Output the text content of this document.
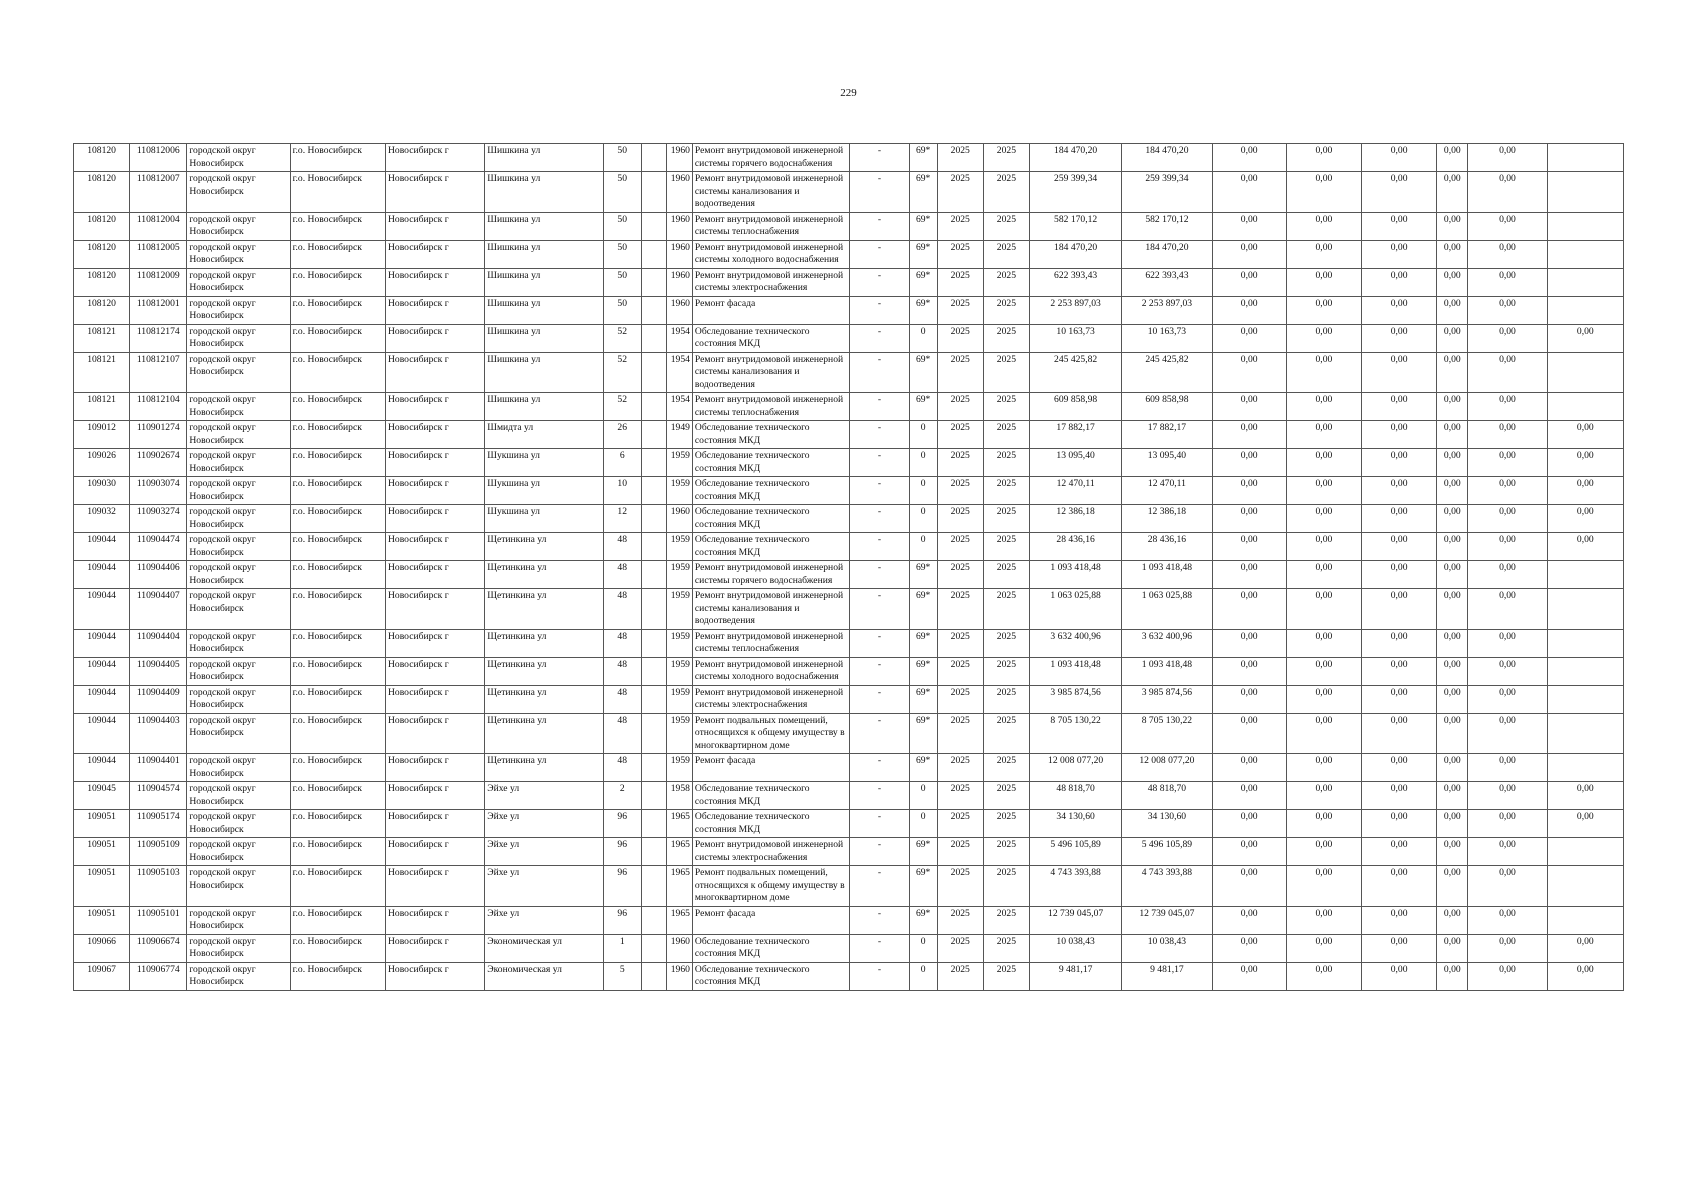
229
108120	110812006	городской округ Новосибирск	г.о. Новосибирск	Новосибирск г	Шишкина ул	50		1960	Ремонт внутридомовой инженерной системы горячего водоснабжения	-	69*	2025	2025	184 470,20	184 470,20	0,00	0,00	0,00	0,00	0,00	
108120	110812007	городской округ Новосибирск	г.о. Новосибирск	Новосибирск г	Шишкина ул	50		1960	Ремонт внутридомовой инженерной системы канализования и водоотведения	-	69*	2025	2025	259 399,34	259 399,34	0,00	0,00	0,00	0,00	0,00	
108120	110812004	городской округ Новосибирск	г.о. Новосибирск	Новосибирск г	Шишкина ул	50		1960	Ремонт внутридомовой инженерной системы теплоснабжения	-	69*	2025	2025	582 170,12	582 170,12	0,00	0,00	0,00	0,00	0,00	
108120	110812005	городской округ Новосибирск	г.о. Новосибирск	Новосибирск г	Шишкина ул	50		1960	Ремонт внутридомовой инженерной системы холодного водоснабжения	-	69*	2025	2025	184 470,20	184 470,20	0,00	0,00	0,00	0,00	0,00	
108120	110812009	городской округ Новосибирск	г.о. Новосибирск	Новосибирск г	Шишкина ул	50		1960	Ремонт внутридомовой инженерной системы электроснабжения	-	69*	2025	2025	622 393,43	622 393,43	0,00	0,00	0,00	0,00	0,00	
108120	110812001	городской округ Новосибирск	г.о. Новосибирск	Новосибирск г	Шишкина ул	50		1960	Ремонт фасада	-	69*	2025	2025	2 253 897,03	2 253 897,03	0,00	0,00	0,00	0,00	0,00	
108121	110812174	городской округ Новосибирск	г.о. Новосибирск	Новосибирск г	Шишкина ул	52		1954	Обследование технического состояния МКД	-	0	2025	2025	10 163,73	10 163,73	0,00	0,00	0,00	0,00	0,00	0,00
108121	110812107	городской округ Новосибирск	г.о. Новосибирск	Новосибирск г	Шишкина ул	52		1954	Ремонт внутридомовой инженерной системы канализования и водоотведения	-	69*	2025	2025	245 425,82	245 425,82	0,00	0,00	0,00	0,00	0,00	
108121	110812104	городской округ Новосибирск	г.о. Новосибирск	Новосибирск г	Шишкина ул	52		1954	Ремонт внутридомовой инженерной системы теплоснабжения	-	69*	2025	2025	609 858,98	609 858,98	0,00	0,00	0,00	0,00	0,00	
109012	110901274	городской округ Новосибирск	г.о. Новосибирск	Новосибирск г	Шмидта ул	26		1949	Обследование технического состояния МКД	-	0	2025	2025	17 882,17	17 882,17	0,00	0,00	0,00	0,00	0,00	0,00
109026	110902674	городской округ Новосибирск	г.о. Новосибирск	Новосибирск г	Шукшина ул	6		1959	Обследование технического состояния МКД	-	0	2025	2025	13 095,40	13 095,40	0,00	0,00	0,00	0,00	0,00	0,00
109030	110903074	городской округ Новосибирск	г.о. Новосибирск	Новосибирск г	Шукшина ул	10		1959	Обследование технического состояния МКД	-	0	2025	2025	12 470,11	12 470,11	0,00	0,00	0,00	0,00	0,00	0,00
109032	110903274	городской округ Новосибирск	г.о. Новосибирск	Новосибирск г	Шукшина ул	12		1960	Обследование технического состояния МКД	-	0	2025	2025	12 386,18	12 386,18	0,00	0,00	0,00	0,00	0,00	0,00
109044	110904474	городской округ Новосибирск	г.о. Новосибирск	Новосибирск г	Щетинкина ул	48		1959	Обследование технического состояния МКД	-	0	2025	2025	28 436,16	28 436,16	0,00	0,00	0,00	0,00	0,00	0,00
109044	110904406	городской округ Новосибирск	г.о. Новосибирск	Новосибирск г	Щетинкина ул	48		1959	Ремонт внутридомовой инженерной системы горячего водоснабжения	-	69*	2025	2025	1 093 418,48	1 093 418,48	0,00	0,00	0,00	0,00	0,00	
109044	110904407	городской округ Новосибирск	г.о. Новосибирск	Новосибирск г	Щетинкина ул	48		1959	Ремонт внутридомовой инженерной системы канализования и водоотведения	-	69*	2025	2025	1 063 025,88	1 063 025,88	0,00	0,00	0,00	0,00	0,00	
109044	110904404	городской округ Новосибирск	г.о. Новосибирск	Новосибирск г	Щетинкина ул	48		1959	Ремонт внутридомовой инженерной системы теплоснабжения	-	69*	2025	2025	3 632 400,96	3 632 400,96	0,00	0,00	0,00	0,00	0,00	
109044	110904405	городской округ Новосибирск	г.о. Новосибирск	Новосибирск г	Щетинкина ул	48		1959	Ремонт внутридомовой инженерной системы холодного водоснабжения	-	69*	2025	2025	1 093 418,48	1 093 418,48	0,00	0,00	0,00	0,00	0,00	
109044	110904409	городской округ Новосибирск	г.о. Новосибирск	Новосибирск г	Щетинкина ул	48		1959	Ремонт внутридомовой инженерной системы электроснабжения	-	69*	2025	2025	3 985 874,56	3 985 874,56	0,00	0,00	0,00	0,00	0,00	
109044	110904403	городской округ Новосибирск	г.о. Новосибирск	Новосибирск г	Щетинкина ул	48		1959	Ремонт подвальных помещений, относящихся к общему имуществу в многоквартирном доме	-	69*	2025	2025	8 705 130,22	8 705 130,22	0,00	0,00	0,00	0,00	0,00	
109044	110904401	городской округ Новосибирск	г.о. Новосибирск	Новосибирск г	Щетинкина ул	48		1959	Ремонт фасада	-	69*	2025	2025	12 008 077,20	12 008 077,20	0,00	0,00	0,00	0,00	0,00	
109045	110904574	городской округ Новосибирск	г.о. Новосибирск	Новосибирск г	Эйхе ул	2		1958	Обследование технического состояния МКД	-	0	2025	2025	48 818,70	48 818,70	0,00	0,00	0,00	0,00	0,00	0,00
109051	110905174	городской округ Новосибирск	г.о. Новосибирск	Новосибирск г	Эйхе ул	96		1965	Обследование технического состояния МКД	-	0	2025	2025	34 130,60	34 130,60	0,00	0,00	0,00	0,00	0,00	0,00
109051	110905109	городской округ Новосибирск	г.о. Новосибирск	Новосибирск г	Эйхе ул	96		1965	Ремонт внутридомовой инженерной системы электроснабжения	-	69*	2025	2025	5 496 105,89	5 496 105,89	0,00	0,00	0,00	0,00	0,00	
109051	110905103	городской округ Новосибирск	г.о. Новосибирск	Новосибирск г	Эйхе ул	96		1965	Ремонт подвальных помещений, относящихся к общему имуществу в многоквартирном доме	-	69*	2025	2025	4 743 393,88	4 743 393,88	0,00	0,00	0,00	0,00	0,00	
109051	110905101	городской округ Новосибирск	г.о. Новосибирск	Новосибирск г	Эйхе ул	96		1965	Ремонт фасада	-	69*	2025	2025	12 739 045,07	12 739 045,07	0,00	0,00	0,00	0,00	0,00	
109066	110906674	городской округ Новосибирск	г.о. Новосибирск	Новосибирск г	Экономическая ул	1		1960	Обследование технического состояния МКД	-	0	2025	2025	10 038,43	10 038,43	0,00	0,00	0,00	0,00	0,00	0,00
109067	110906774	городской округ Новосибирск	г.о. Новосибирск	Новосибирск г	Экономическая ул	5		1960	Обследование технического состояния МКД	-	0	2025	2025	9 481,17	9 481,17	0,00	0,00	0,00	0,00	0,00	0,00
